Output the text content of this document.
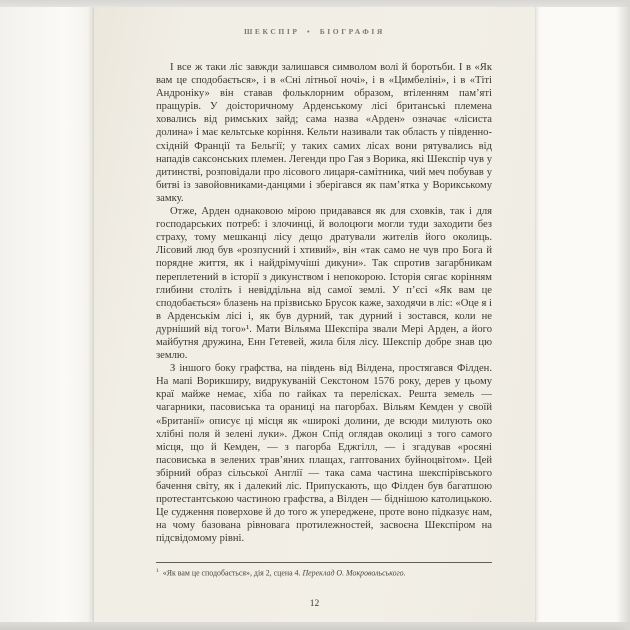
ШЕКСПІР • БІОГРАФІЯ

І все ж таки ліс завжди залишався символом волі й боротьби. І в «Як вам це сподобається», і в «Сні літньої ночі», і в «Цимбеліні», і в «Тіті Андроніку» він ставав фольклорним образом, втіленням пам’яті пращурів. У доісторичному Арденському лісі британські племена ховались від римських зайд; сама назва «Арден» означає «лісиста долина» і має кельтське коріння. Кельти називали так область у південно-східній Франції та Бельгії; у таких самих лісах вони рятувались від нападів саксонських племен. Легенди про Гая з Ворика, які Шекспір чув у дитинстві, розповідали про лісового лицаря-самітника, чий меч побував у битві із завойовниками-данцями і зберігався як пам’ятка у Ворикському замку.

Отже, Арден однаковою мірою придавався як для сховків, так і для господарських потреб: і злочинці, й волоцюги могли туди заходити без страху, тому мешканці лісу дещо дратували жителів його околиць. Лісовий люд був «розпусний і хтивий», він «так само не чув про Бога й порядне життя, як і найдрімучіші дикуни». Так спротив загарбникам переплетений в історії з дикунством і непокорою. Історія сягає корінням глибини століть і невіддільна від самої землі. У п’єсі «Як вам це сподобається» блазень на прізвисько Брусок каже, заходячи в ліс: «Оце я і в Арденськім лісі і, як був дурний, так дурний і зостався, коли не дурніший від того»¹. Мати Вільяма Шекспіра звали Мері Арден, а його майбутня дружина, Енн Гетевей, жила біля лісу. Шекспір добре знав цю землю.

З іншого боку графства, на південь від Вілдена, простягався Філден. На мапі Ворикширу, видрукуваній Секстоном 1576 року, дерев у цьому краї майже немає, хіба по гайках та перелісках. Решта земель — чагарники, пасовиська та ораниці на пагорбах. Вільям Кемден у своїй «Британії» описує ці місця як «широкі долини, де всюди милують око хлібні поля й зелені луки». Джон Спід оглядав околиці з того самого місця, що й Кемден, — з пагорба Еджгілл, — і згадував «росяні пасовиська в зелених трав’яних плащах, гаптованих буйноцвітом». Цей збірний образ сільської Англії — така сама частина шекспірівського бачення світу, як і далекий ліс. Припускають, що Філден був багатшою протестантською частиною графства, а Вілден — біднішою католицькою. Це судження поверхове й до того ж упереджене, проте воно підказує нам, на чому базована рівновага протилежностей, засвоєна Шекспіром на підсвідомому рівні.

$^1$ «Як вам це сподобається», дія 2, сцена 4. Переклад О. Мокровольського.
12
